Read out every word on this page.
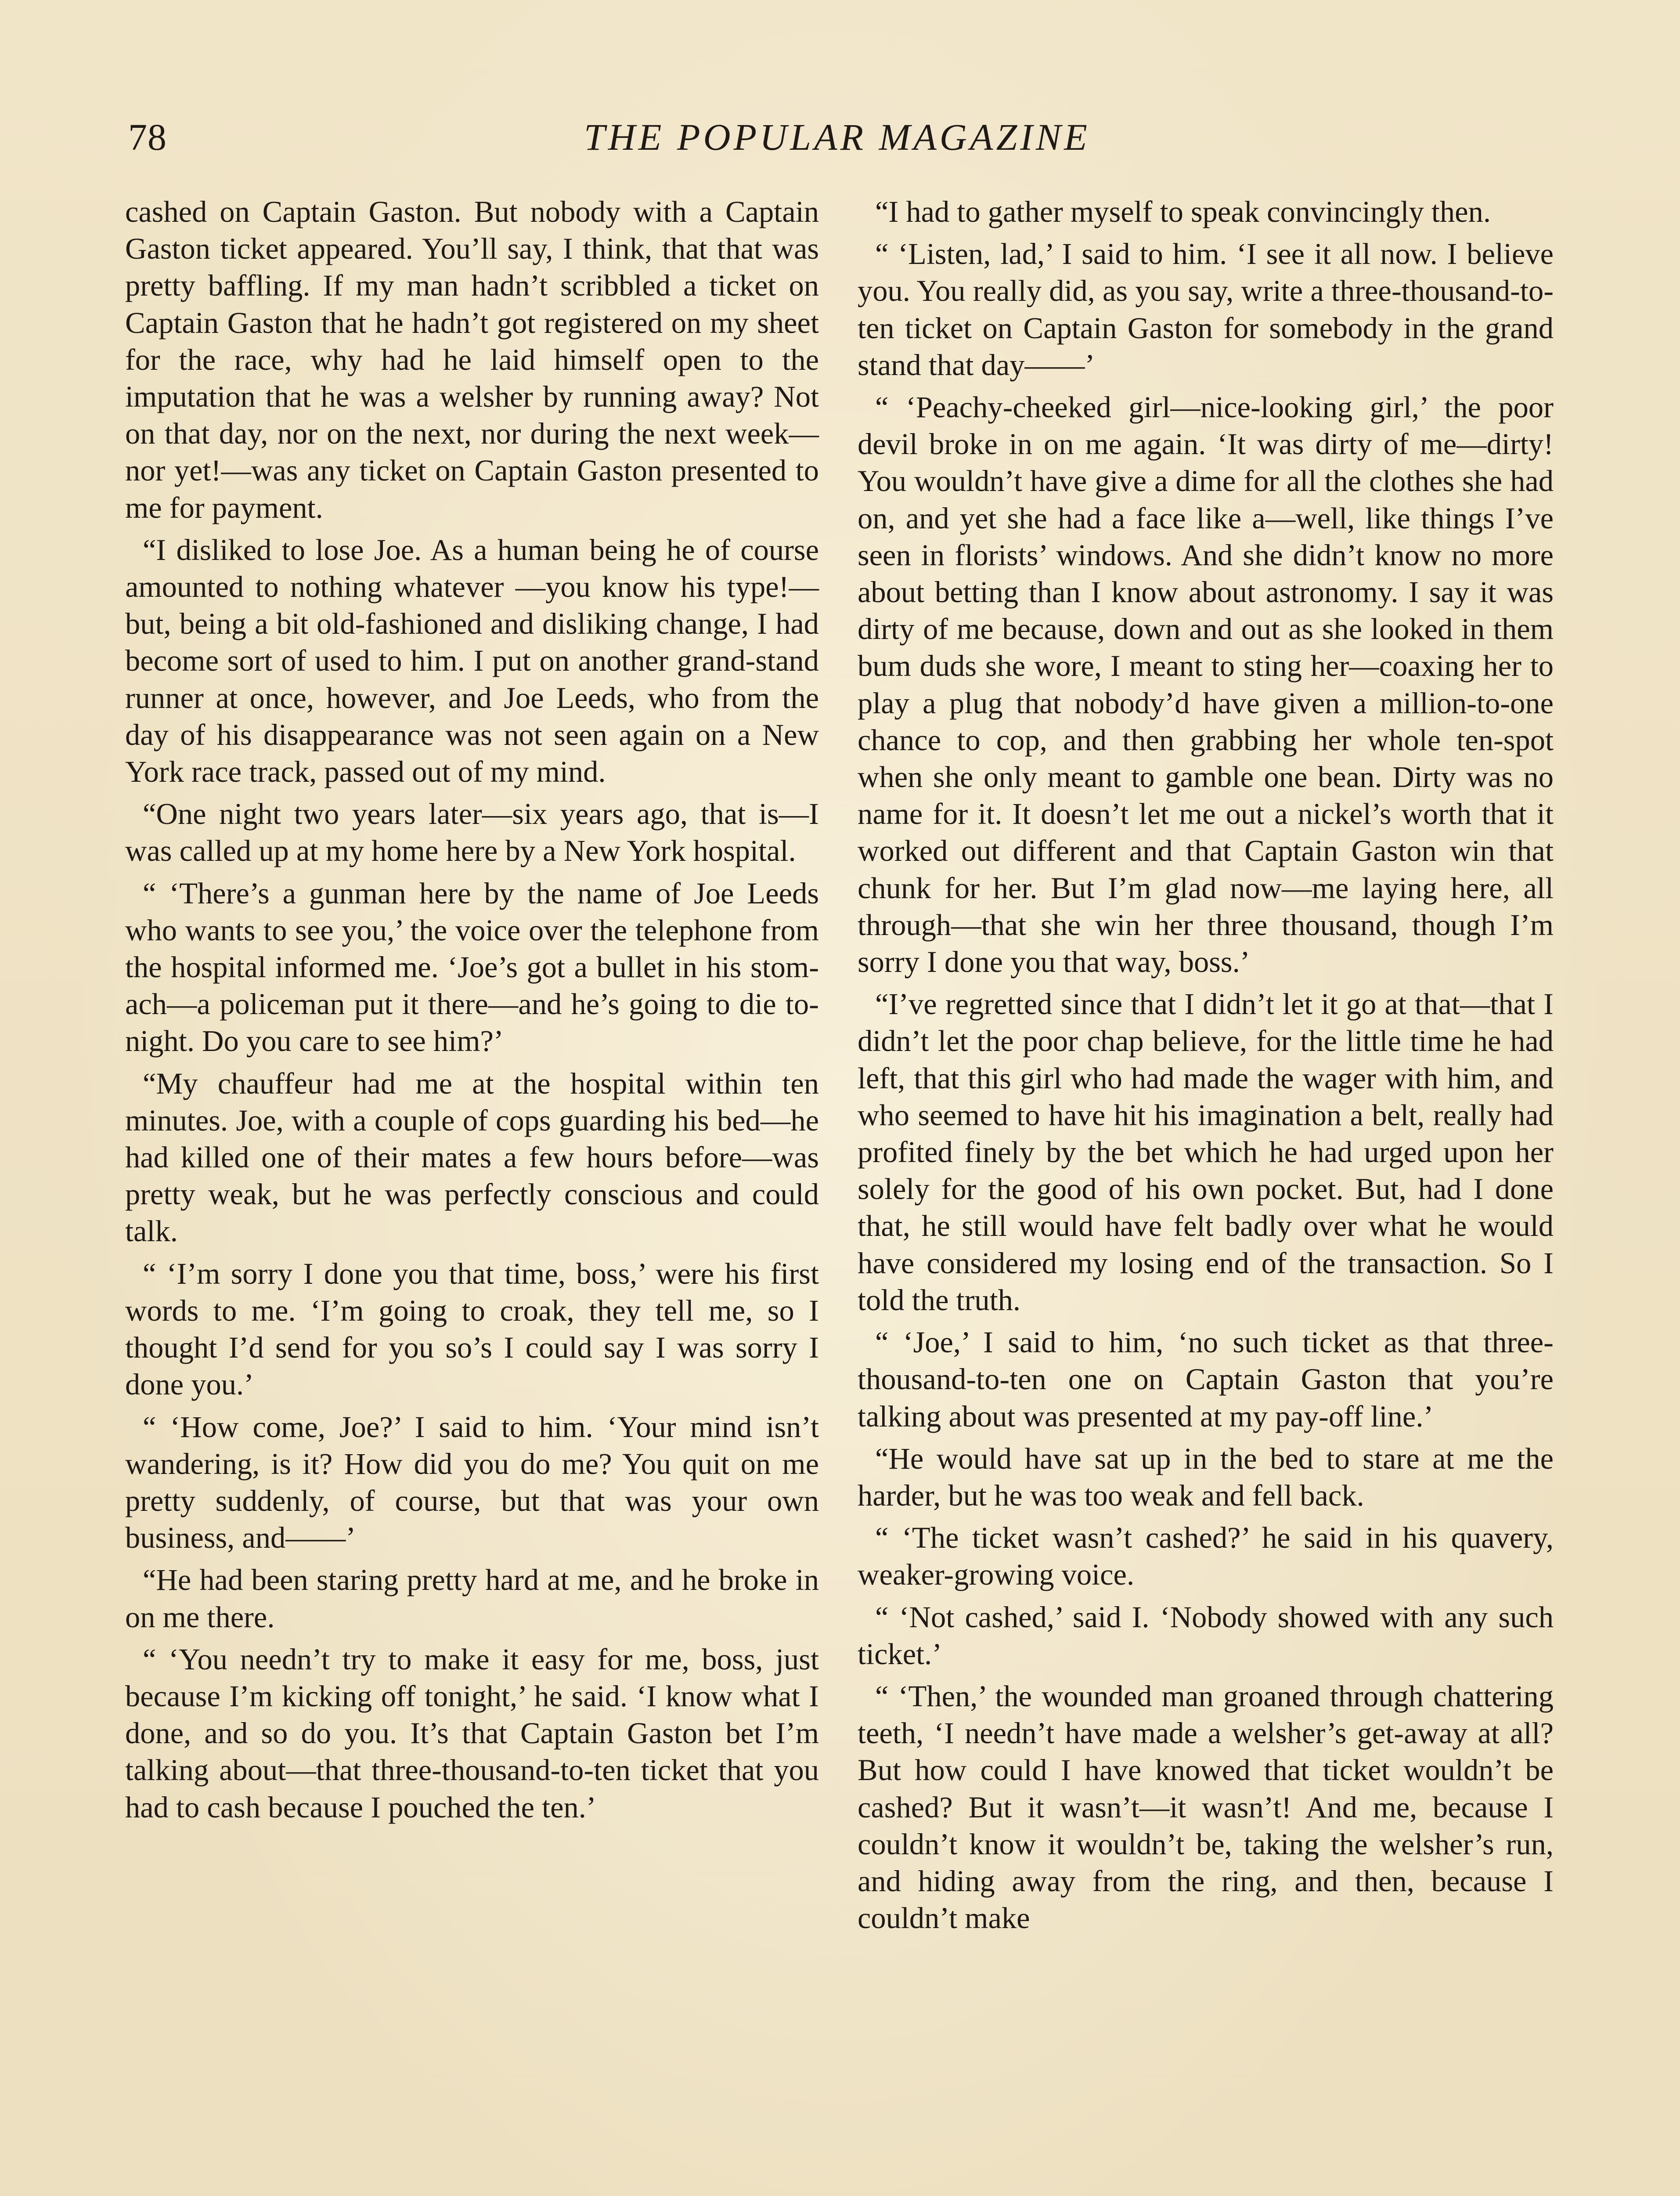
78	THE POPULAR MAGAZINE

cashed on Captain Gaston. But nobody with a Captain Gaston ticket appeared. You’ll say, I think, that that was pretty baffling. If my man hadn’t scribbled a ticket on Captain Gaston that he hadn’t got registered on my sheet for the race, why had he laid himself open to the imputation that he was a welsher by running away? Not on that day, nor on the next, nor during the next week—nor yet!—was any ticket on Captain Gaston presented to me for payment.

“I disliked to lose Joe. As a human being he of course amounted to nothing whatever —you know his type!—but, being a bit old-fashioned and disliking change, I had become sort of used to him. I put on another grand-stand runner at once, however, and Joe Leeds, who from the day of his disappearance was not seen again on a New York race track, passed out of my mind.

“One night two years later—six years ago, that is—I was called up at my home here by a New York hospital.

“ ‘There’s a gunman here by the name of Joe Leeds who wants to see you,’ the voice over the telephone from the hospital informed me. ‘Joe’s got a bullet in his stomach—a policeman put it there—and he’s going to die to-night. Do you care to see him?’

“My chauffeur had me at the hospital within ten minutes. Joe, with a couple of cops guarding his bed—he had killed one of their mates a few hours before—was pretty weak, but he was perfectly conscious and could talk.

“ ‘I’m sorry I done you that time, boss,’ were his first words to me. ‘I’m going to croak, they tell me, so I thought I’d send for you so’s I could say I was sorry I done you.’

“ ‘How come, Joe?’ I said to him. ‘Your mind isn’t wandering, is it? How did you do me? You quit on me pretty suddenly, of course, but that was your own business, and——’

“He had been staring pretty hard at me, and he broke in on me there.

“ ‘You needn’t try to make it easy for me, boss, just because I’m kicking off tonight,’ he said. ‘I know what I done, and so do you. It’s that Captain Gaston bet I’m talking about—that three-thousand-to-ten ticket that you had to cash because I pouched the ten.’

“I had to gather myself to speak convincingly then.

“ ‘Listen, lad,’ I said to him. ‘I see it all now. I believe you. You really did, as you say, write a three-thousand-to-ten ticket on Captain Gaston for somebody in the grand stand that day——’

“ ‘Peachy-cheeked girl—nice-looking girl,’ the poor devil broke in on me again. ‘It was dirty of me—dirty! You wouldn’t have give a dime for all the clothes she had on, and yet she had a face like a—well, like things I’ve seen in florists’ windows. And she didn’t know no more about betting than I know about astronomy. I say it was dirty of me because, down and out as she looked in them bum duds she wore, I meant to sting her—coaxing her to play a plug that nobody’d have given a million-to-one chance to cop, and then grabbing her whole ten-spot when she only meant to gamble one bean. Dirty was no name for it. It doesn’t let me out a nickel’s worth that it worked out different and that Captain Gaston win that chunk for her. But I’m glad now—me laying here, all through—that she win her three thousand, though I’m sorry I done you that way, boss.’

“I’ve regretted since that I didn’t let it go at that—that I didn’t let the poor chap believe, for the little time he had left, that this girl who had made the wager with him, and who seemed to have hit his imagination a belt, really had profited finely by the bet which he had urged upon her solely for the good of his own pocket. But, had I done that, he still would have felt badly over what he would have considered my losing end of the transaction. So I told the truth.

“ ‘Joe,’ I said to him, ‘no such ticket as that three-thousand-to-ten one on Captain Gaston that you’re talking about was presented at my pay-off line.’

“He would have sat up in the bed to stare at me the harder, but he was too weak and fell back.

“ ‘The ticket wasn’t cashed?’ he said in his quavery, weaker-growing voice.

“ ‘Not cashed,’ said I. ‘Nobody showed with any such ticket.’

“ ‘Then,’ the wounded man groaned through chattering teeth, ‘I needn’t have made a welsher’s get-away at all? But how could I have knowed that ticket wouldn’t be cashed? But it wasn’t—it wasn’t! And me, because I couldn’t know it wouldn’t be, taking the welsher’s run, and hiding away from the ring, and then, because I couldn’t make
